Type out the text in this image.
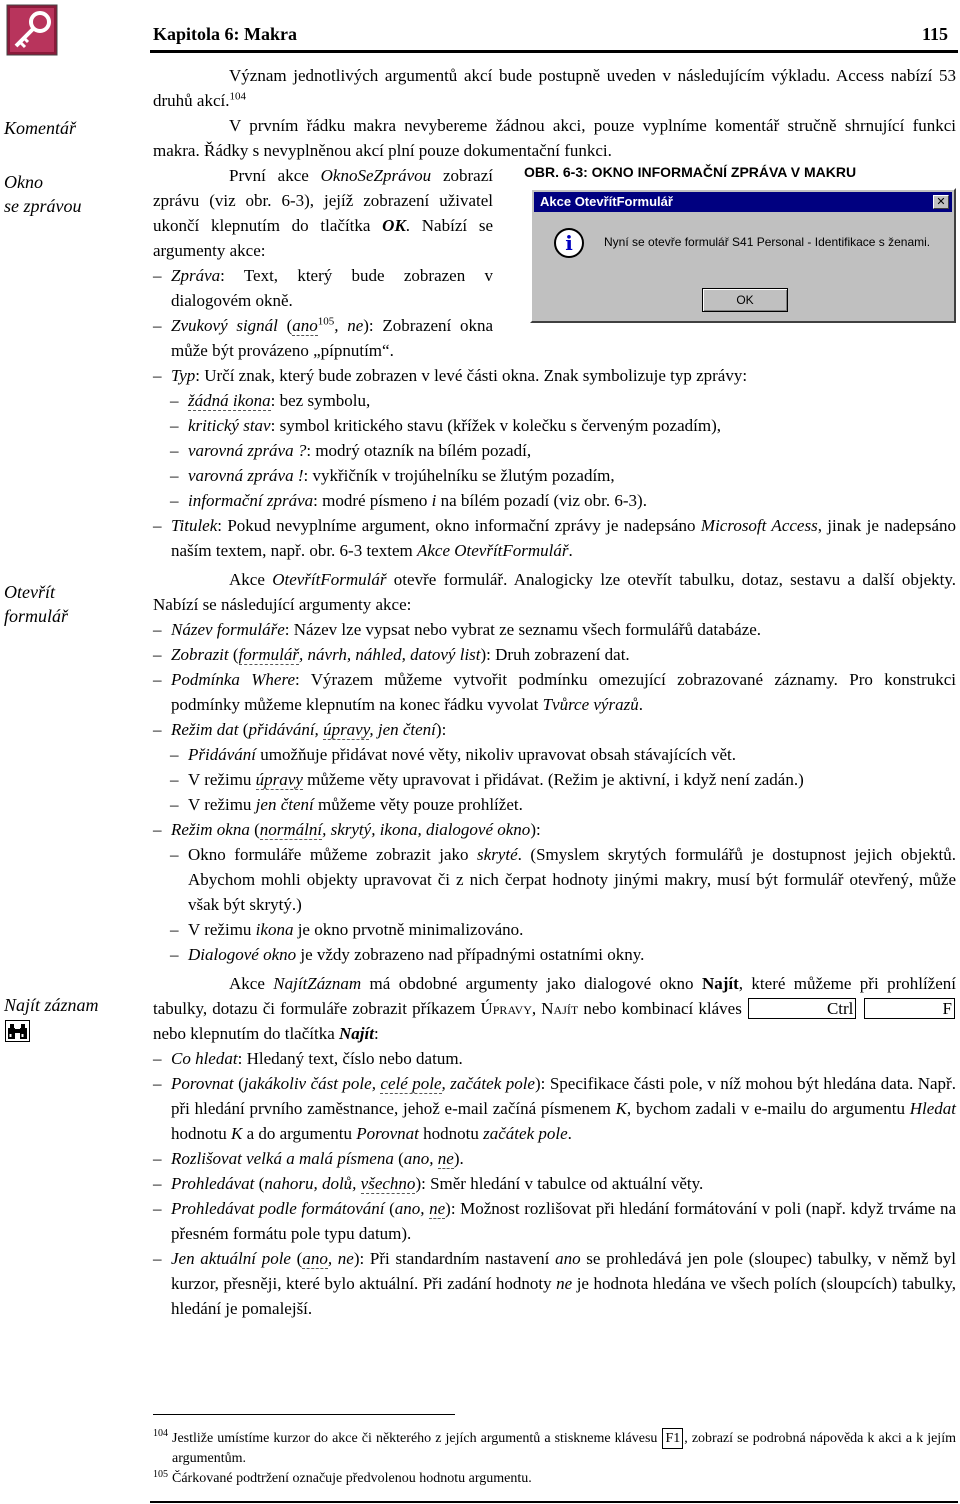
Kapitola 6: Makra	115
Komentář
Okno
se zprávou
Otevřít
formulář
Najít záznam

Význam jednotlivých argumentů akcí bude postupně uveden v následujícím výkladu. Access nabízí 53 druhů akcí.$^{104}$

V prvním řádku makra nevybereme žádnou akci, pouze vyplníme komentář stručně shrnující funkci makra. Řádky s nevyplněnou akcí plní pouze dokumentační funkci.

OBR. 6-3: OKNO INFORMAČNÍ ZPRÁVA V MAKRU
Akce OtevřítFormulář	✕
i	Nyní se otevře formulář S41 Personal - Identifikace s ženami.
OK

První akce OknoSeZprávou zobrazí zprávu (viz obr. 6-3), jejíž zobrazení uživatel ukončí klepnutím do tlačítka OK. Nabízí se argumenty akce:

– Zpráva: Text, který bude zobrazen v dialogovém okně.
– Zvukový signál (ano$^{105}$, ne): Zobrazení okna může být provázeno „pípnutím“.
– Typ: Určí znak, který bude zobrazen v levé části okna. Znak symbolizuje typ zprávy:
– žádná ikona: bez symbolu,
– kritický stav: symbol kritického stavu (křížek v kolečku s červeným pozadím),
– varovná zpráva ?: modrý otazník na bílém pozadí,
– varovná zpráva !: vykřičník v trojúhelníku se žlutým pozadím,
– informační zpráva: modré písmeno i na bílém pozadí (viz obr. 6-3).
– Titulek: Pokud nevyplníme argument, okno informační zprávy je nadepsáno Microsoft Access, jinak je nadepsáno naším textem, např. obr. 6-3 textem Akce OtevřítFormulář.

Akce OtevřítFormulář otevře formulář. Analogicky lze otevřít tabulku, dotaz, sestavu a další objekty. Nabízí se následující argumenty akce:

– Název formuláře: Název lze vypsat nebo vybrat ze seznamu všech formulářů databáze.
– Zobrazit (formulář, návrh, náhled, datový list): Druh zobrazení dat.
– Podmínka Where: Výrazem můžeme vytvořit podmínku omezující zobrazované záznamy. Pro konstrukci podmínky můžeme klepnutím na konec řádku vyvolat Tvůrce výrazů.
– Režim dat (přidávání, úpravy, jen čtení):
– Přidávání umožňuje přidávat nové věty, nikoliv upravovat obsah stávajících vět.
– V režimu úpravy můžeme věty upravovat i přidávat. (Režim je aktivní, i když není zadán.)
– V režimu jen čtení můžeme věty pouze prohlížet.
– Režim okna (normální, skrytý, ikona, dialogové okno):
– Okno formuláře můžeme zobrazit jako skryté. (Smyslem skrytých formulářů je dostupnost jejich objektů. Abychom mohli objekty upravovat či z nich čerpat hodnoty jinými makry, musí být formulář otevřený, může však být skrytý.)
– V režimu ikona je okno prvotně minimalizováno.
– Dialogové okno je vždy zobrazeno nad případnými ostatními okny.

Akce NajítZáznam má obdobné argumenty jako dialogové okno Najít, které můžeme při prohlížení tabulky, dotazu či formuláře zobrazit příkazem Úpravy, Najít nebo kombinací kláves	Ctrl	F nebo klepnutím do tlačítka Najít:

– Co hledat: Hledaný text, číslo nebo datum.
– Porovnat (jakákoliv část pole, celé pole, začátek pole): Specifikace části pole, v níž mohou být hledána data. Např. při hledání prvního zaměstnance, jehož e-mail začíná písmenem K, bychom zadali v e-mailu do argumentu Hledat hodnotu K a do argumentu Porovnat hodnotu začátek pole.
– Rozlišovat velká a malá písmena (ano, ne).
– Prohledávat (nahoru, dolů, všechno): Směr hledání v tabulce od aktuální věty.
– Prohledávat podle formátování (ano, ne): Možnost rozlišovat při hledání formátování v poli (např. když trváme na přesném formátu pole typu datum).
– Jen aktuální pole (ano, ne): Při standardním nastavení ano se prohledává jen pole (sloupec) tabulky, v němž byl kurzor, přesněji, které bylo aktuální. Při zadání hodnoty ne je hodnota hledána ve všech polích (sloupcích) tabulky, hledání je pomalejší.

104 Jestliže umístíme kurzor do akce či některého z jejích argumentů a stiskneme klávesu F1 , zobrazí se podrobná nápověda k akci a k jejím argumentům.

105 Čárkované podtržení označuje předvolenou hodnotu argumentu.
